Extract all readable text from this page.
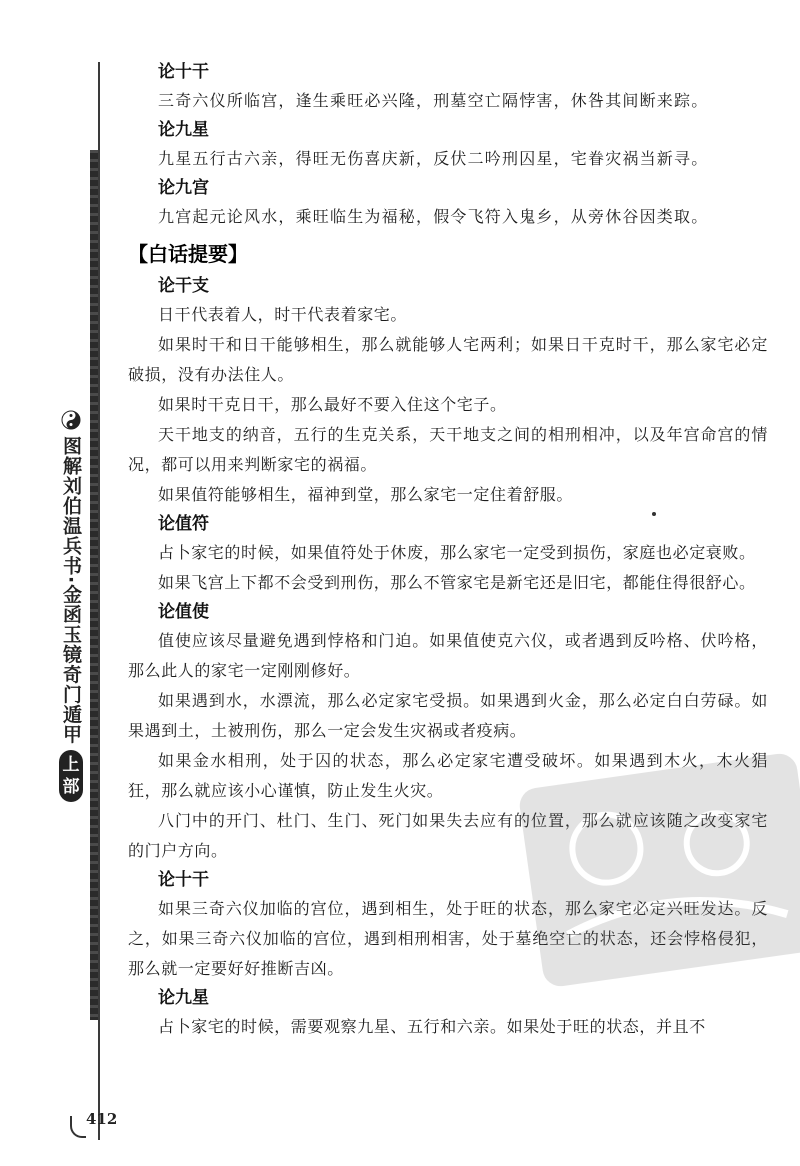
图解刘伯温兵书·金函玉镜奇门遁甲
上部
论十干

三奇六仪所临宫，逢生乘旺必兴隆，刑墓空亡隔悖害，休咎其间断来踪。

论九星

九星五行古六亲，得旺无伤喜庆新，反伏二吟刑囚星，宅眷灾祸当新寻。

论九宫

九宫起元论风水，乘旺临生为福秘，假令飞符入鬼乡，从旁休谷因类取。

【白话提要】
论干支

日干代表着人，时干代表着家宅。

如果时干和日干能够相生，那么就能够人宅两利；如果日干克时干，那么家宅必定破损，没有办法住人。

如果时干克日干，那么最好不要入住这个宅子。

天干地支的纳音，五行的生克关系，天干地支之间的相刑相冲，以及年宫命宫的情况，都可以用来判断家宅的祸福。

如果值符能够相生，福神到堂，那么家宅一定住着舒服。

论值符

占卜家宅的时候，如果值符处于休废，那么家宅一定受到损伤，家庭也必定衰败。

如果飞宫上下都不会受到刑伤，那么不管家宅是新宅还是旧宅，都能住得很舒心。

论值使

值使应该尽量避免遇到悖格和门迫。如果值使克六仪，或者遇到反吟格、伏吟格，那么此人的家宅一定刚刚修好。

如果遇到水，水漂流，那么必定家宅受损。如果遇到火金，那么必定白白劳碌。如果遇到土，土被刑伤，那么一定会发生灾祸或者疫病。

如果金水相刑，处于囚的状态，那么必定家宅遭受破坏。如果遇到木火，木火猖狂，那么就应该小心谨慎，防止发生火灾。

八门中的开门、杜门、生门、死门如果失去应有的位置，那么就应该随之改变家宅的门户方向。

论十干

如果三奇六仪加临的宫位，遇到相生，处于旺的状态，那么家宅必定兴旺发达。反之，如果三奇六仪加临的宫位，遇到相刑相害，处于墓绝空亡的状态，还会悖格侵犯，那么就一定要好好推断吉凶。

论九星

占卜家宅的时候，需要观察九星、五行和六亲。如果处于旺的状态，并且不

412
